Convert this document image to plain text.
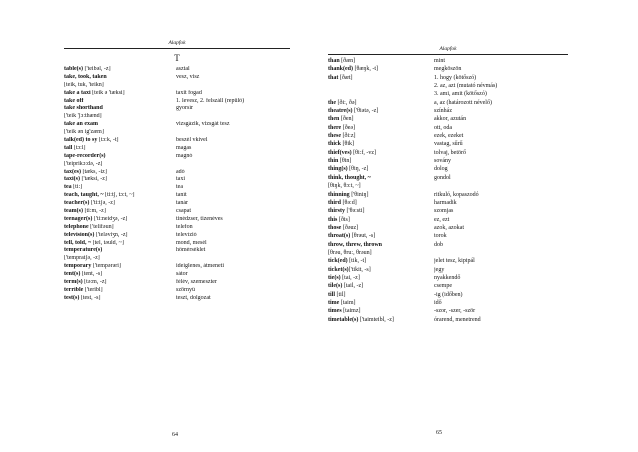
Alapfok
T
table(s) ['teibəl, -z]	asztal
take, took, taken	vesz, visz
[teik, tuk, 'teikn]
take a taxi [teik ə 'tæksi]	taxit fogad
take off	1. levesz, 2. felszáll (repülő)
take shorthand	gyorsír
['teik 'ʃɔ:thænd]
take an exam	vizsgázik, vizsgát tesz
['teik ən ig'zæm]
talk(ed) to sy [tɔ:k, -t]	beszél vkivel
tall [tɔ:l]	magas
tape-recorder(s)	magnó
['teiprikɔ:də, -z]
tax(es) [tæks, -iz]	adó
taxi(s) ['tæksi, -z]	taxi
tea [ti:]	tea
teach, taught, ~ [ti:tʃ, tɔ:t, ~]	tanít
teacher(s) ['ti:tʃə, -z]	tanár
team(s) [ti:m, -z]	csapat
teenager(s) ['ti:neidʒə, -z]	tinédzser, tizenéves
telephone ['telifəun]	telefon
television(s) ['teləviʒn, -z]	televízió
tell, told, ~ [tel, təuld, ~]	mond, mesél
temperature(s)	hőmérséklet
['tempratʃə, -z]
temporary ['tempərəri]	ideiglenes, átmeneti
tent(s) [tent, -s]	sátor
term(s) [tə:m, -z]	félév, szemeszter
terrible ['teribl]	szörnyű
test(s) [test, -s]	teszt, dolgozat
64
Alapfok
than [ðæn]	mint
thank(ed) [θæŋk, -t]	megköszön
that [ðæt]	1. hogy (kötőszó)
2. az, azt (mutató névmás)
3. ami, amit (kötőszó)
the [ði:, ðə]	a, az (határozott névelő)
theatre(s) ['θiətə, -z]	színház
then [ðen]	akkor, azután
there [ðeə]	ott, oda
these [ði:z]	ezek, ezeket
thick [θik]	vastag, sűrű
thief(ves) [θi:f, -vz]	tolvaj, betörő
thin [θin]	sovány
thing(s) [θiŋ, -z]	dolog
think, thought, ~	gondol
[θiŋk, θɔ:t, ~]
thinning ['θiniŋ]	ritkuló, kopaszodó
third [θə:d]	harmadik
thirsty ['θə:sti]	szomjas
this [ðis]	ez, ezt
those [ðəuz]	azok, azokat
throat(s) [θrəut, -s]	torok
throw, threw, thrown	dob
[θrəu, θru:, θrəun]
tick(ed) [tik, -t]	jelet tesz, kipipál
ticket(s)['tikit, -s]	jegy
tie(s) [tai, -z]	nyakkendő
tile(s) [tail, -z]	csempe
till [til]	-ig (időben)
time [taim]	idő
times [taimz]	-szor, -szer, -ször
timetable(s) ['taimteibl, -z]	órarend, menetrend
65
